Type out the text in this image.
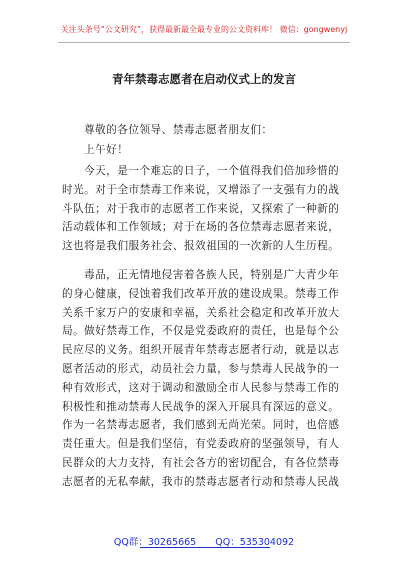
关注头条号“公文研究”，获得最新最全最专业的公文资料库！ 微信：gongwenyj
青年禁毒志愿者在启动仪式上的发言
尊敬的各位领导、禁毒志愿者朋友们：
上午好！
今天，是一个难忘的日子，一个值得我们倍加珍惜的
时光。对于全市禁毒工作来说，又增添了一支强有力的战
斗队伍；对于我市的志愿者工作来说，又探索了一种新的
活动载体和工作领域；对于在场的各位禁毒志愿者来说，
这也将是我们服务社会、报效祖国的一次新的人生历程。
毒品，正无情地侵害着各族人民，特别是广大青少年
的身心健康，侵蚀着我们改革开放的建设成果。禁毒工作
关系千家万户的安康和幸福，关系社会稳定和改革开放大
局。做好禁毒工作，不仅是党委政府的责任，也是每个公
民应尽的义务。组织开展青年禁毒志愿者行动，就是以志
愿者活动的形式，动员社会力量，参与禁毒人民战争的一
种有效形式，这对于调动和激励全市人民参与禁毒工作的
积极性和推动禁毒人民战争的深入开展具有深远的意义。
作为一名禁毒志愿者，我们感到无尚光荣。同时，也倍感
责任重大。但是我们坚信，有党委政府的坚强领导，有人
民群众的大力支持，有社会各方的密切配合，有各位禁毒
志愿者的无私奉献，我市的禁毒志愿者行动和禁毒人民战
QQ群：30265665 QQ：535304092
